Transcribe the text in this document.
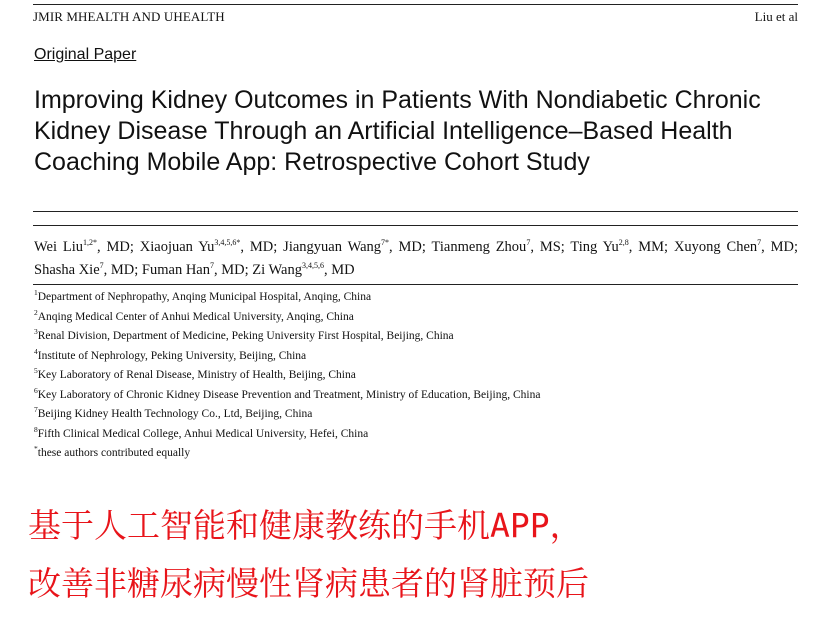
JMIR MHEALTH AND UHEALTH	Liu et al
Original Paper
Improving Kidney Outcomes in Patients With Nondiabetic Chronic Kidney Disease Through an Artificial Intelligence–Based Health Coaching Mobile App: Retrospective Cohort Study
Wei Liu$^{1,2*}$, MD; Xiaojuan $Yu^{3,4,5,6*}$, MD; Jiangyuan Wang$^{7*}$, MD; Tianmeng Zhou$^7$, MS; Ting Yu$^{2,8}$, MM; Xuyong Chen$^7$, MD; Shasha Xie$^7$, MD; Fuman Han$^7$, MD; Zi Wang$^{3,4,5,6}$, MD
$^1$Department of Nephropathy, Anqing Municipal Hospital, Anqing, China
$^2$Anqing Medical Center of Anhui Medical University, Anqing, China
$^3$Renal Division, Department of Medicine, Peking University First Hospital, Beijing, China
$^4$Institute of Nephrology, Peking University, Beijing, China
$^5$Key Laboratory of Renal Disease, Ministry of Health, Beijing, China
$^6$Key Laboratory of Chronic Kidney Disease Prevention and Treatment, Ministry of Education, Beijing, China
$^7$Beijing Kidney Health Technology Co., Ltd, Beijing, China
$^8$Fifth Clinical Medical College, Anhui Medical University, Hefei, China
*these authors contributed equally
基于人工智能和健康教练的手机APP，
改善非糖尿病慢性肾病患者的肾脏预后
